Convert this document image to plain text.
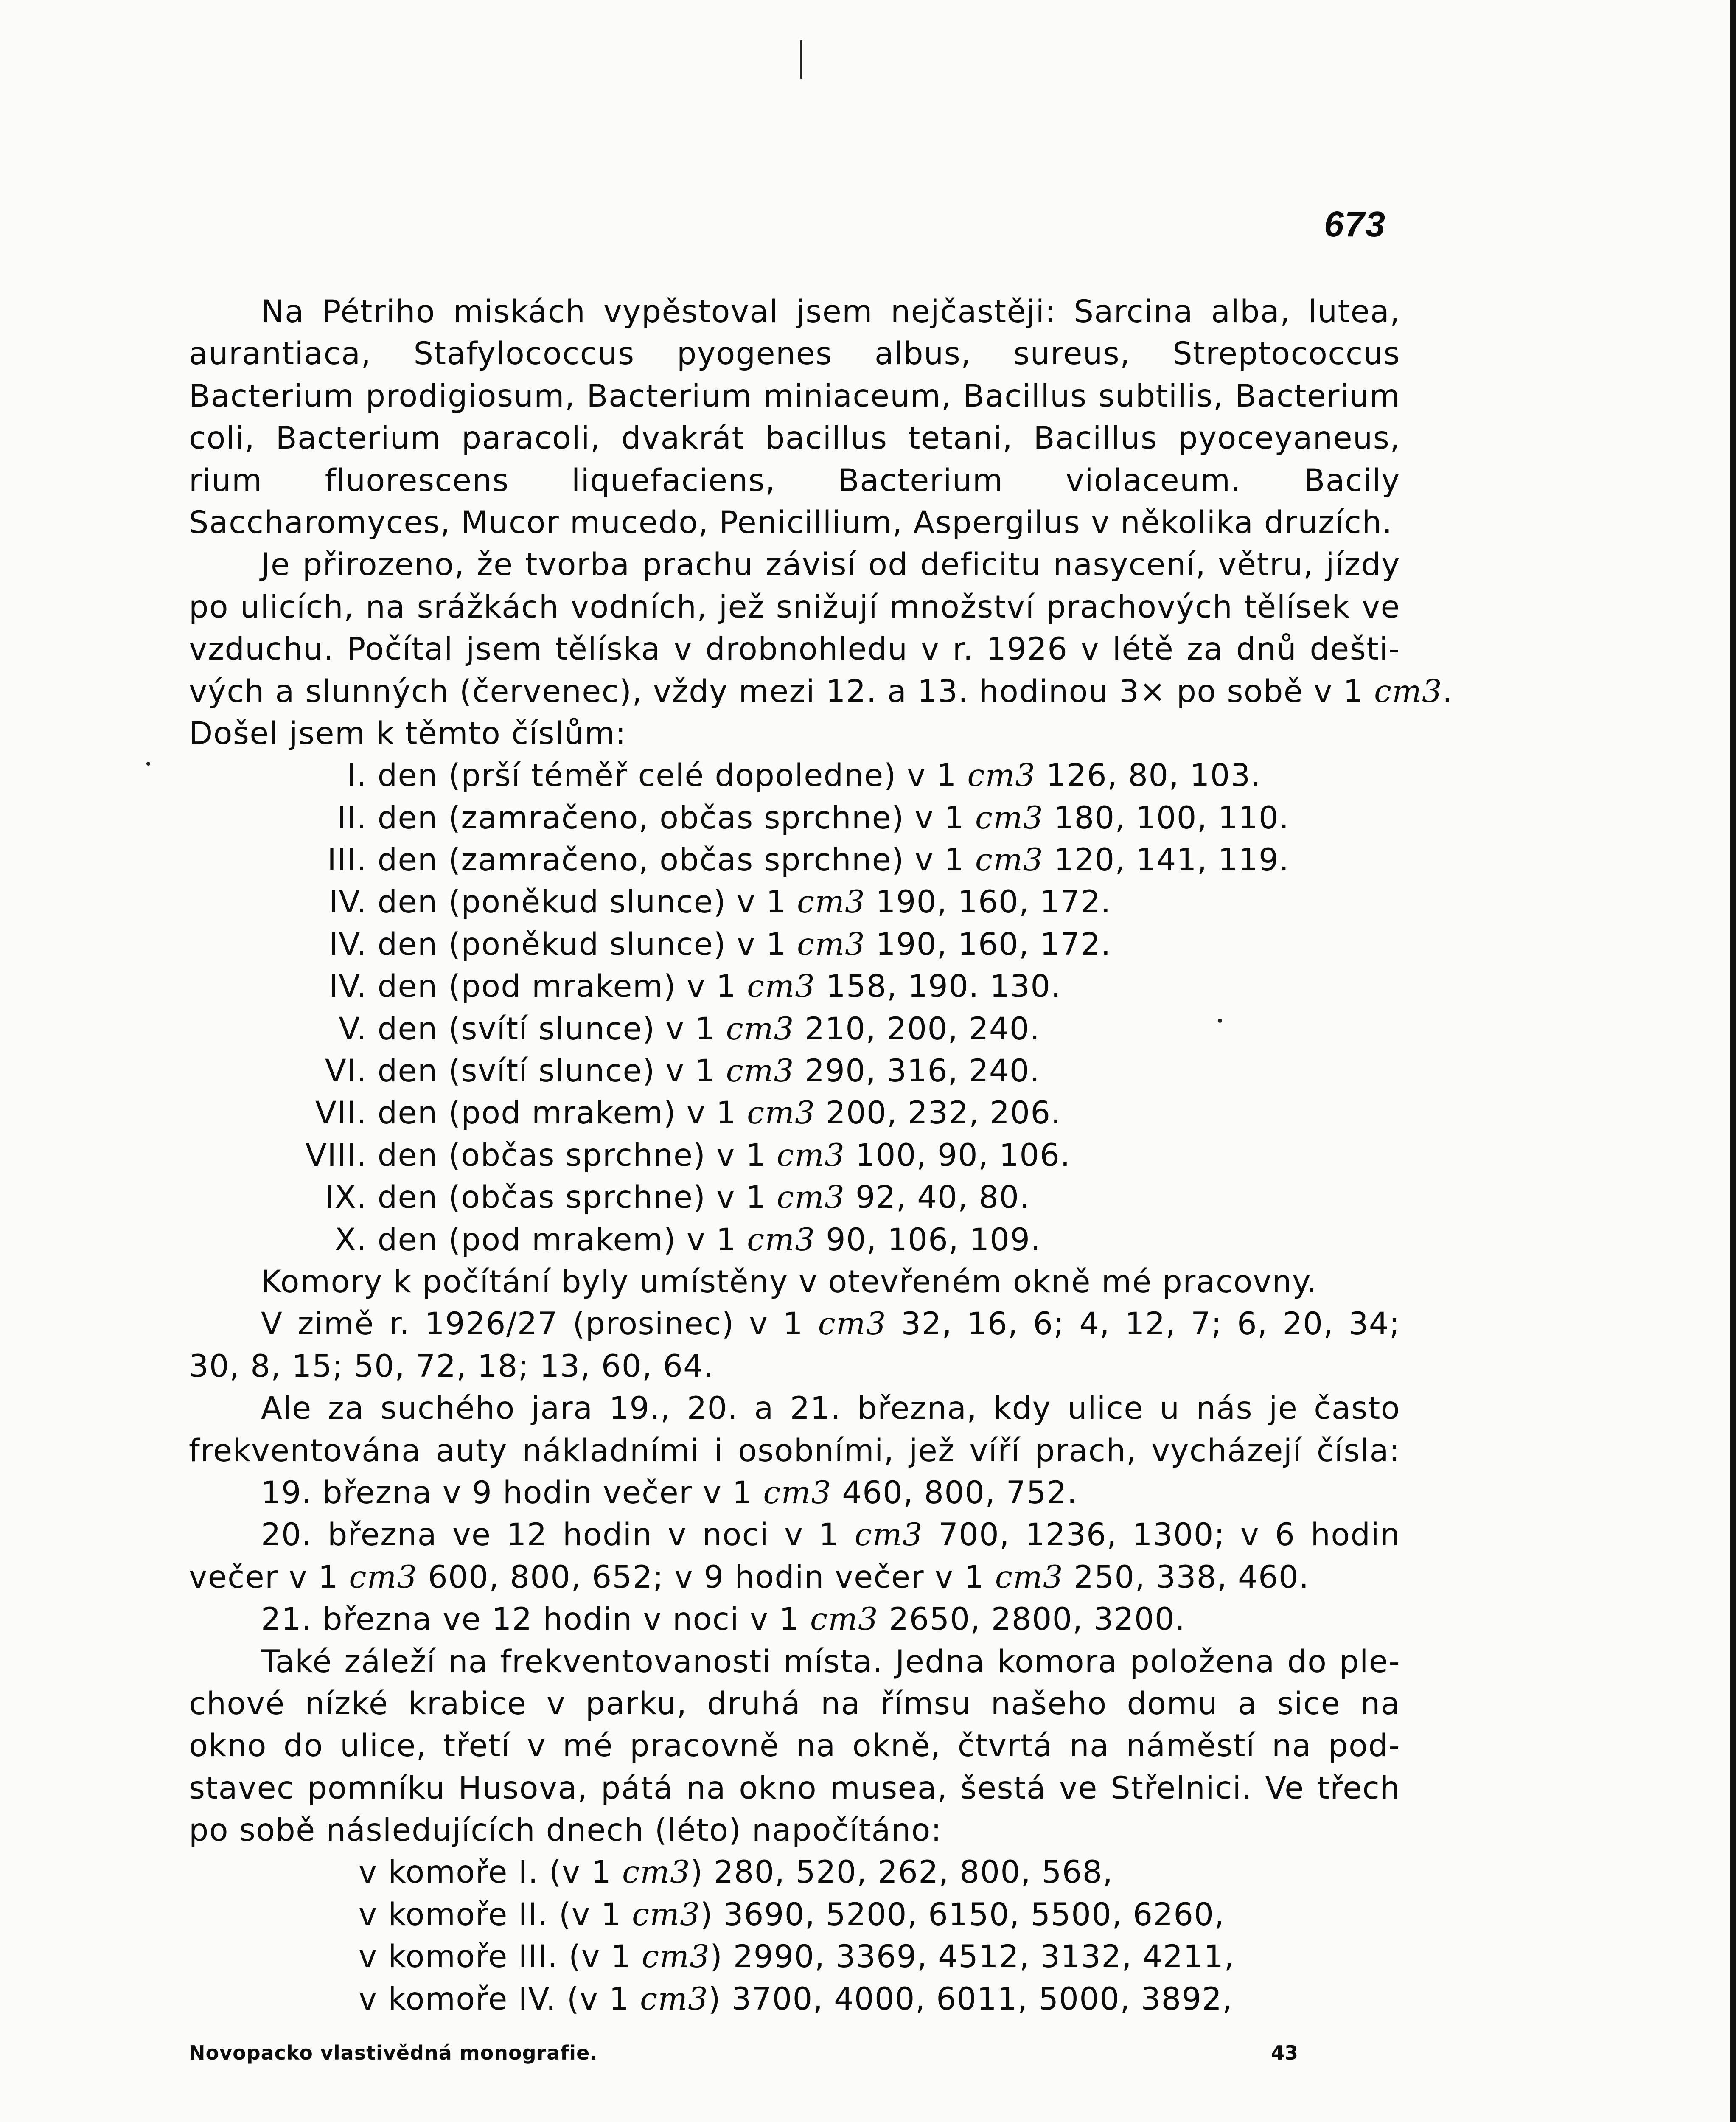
673
Na Pétriho miskách vypěstoval jsem nejčastěji: Sarcina alba, lutea,
aurantiaca, Stafylococcus pyogenes albus, sureus, Streptococcus
Bacterium prodigiosum, Bacterium miniaceum, Bacillus subtilis, Bacterium
coli, Bacterium paracoli, dvakrát bacillus tetani, Bacillus pyoceyaneus,
rium fluorescens liquefaciens, Bacterium violaceum. Bacily
Saccharomyces, Mucor mucedo, Penicillium, Aspergilus v několika druzích.
Je přirozeno, že tvorba prachu závisí od deficitu nasycení, větru, jízdy
po ulicích, na srážkách vodních, jež snižují množství prachových tělísek ve
vzduchu. Počítal jsem tělíska v drobnohledu v r. 1926 v létě za dnů dešti-
vých a slunných (červenec), vždy mezi 12. a 13. hodinou 3× po sobě v 1 cm3.
Došel jsem k těmto číslům:
I. den (prší téměř celé dopoledne) v 1 cm3 126, 80, 103.
II. den (zamračeno, občas sprchne) v 1 cm3 180, 100, 110.
III. den (zamračeno, občas sprchne) v 1 cm3 120, 141, 119.
IV. den (poněkud slunce) v 1 cm3 190, 160, 172.
IV. den (poněkud slunce) v 1 cm3 190, 160, 172.
IV. den (pod mrakem) v 1 cm3 158, 190. 130.
V. den (svítí slunce) v 1 cm3 210, 200, 240.
VI. den (svítí slunce) v 1 cm3 290, 316, 240.
VII. den (pod mrakem) v 1 cm3 200, 232, 206.
VIII. den (občas sprchne) v 1 cm3 100, 90, 106.
IX. den (občas sprchne) v 1 cm3 92, 40, 80.
X. den (pod mrakem) v 1 cm3 90, 106, 109.
Komory k počítání byly umístěny v otevřeném okně mé pracovny.
V zimě r. 1926/27 (prosinec) v 1 cm3 32, 16, 6; 4, 12, 7; 6, 20, 34;
30, 8, 15; 50, 72, 18; 13, 60, 64.
Ale za suchého jara 19., 20. a 21. března, kdy ulice u nás je často
frekventována auty nákladními i osobními, jež víří prach, vycházejí čísla:
19. března v 9 hodin večer v 1 cm3 460, 800, 752.
20. března ve 12 hodin v noci v 1 cm3 700, 1236, 1300; v 6 hodin
večer v 1 cm3 600, 800, 652; v 9 hodin večer v 1 cm3 250, 338, 460.
21. března ve 12 hodin v noci v 1 cm3 2650, 2800, 3200.
Také záleží na frekventovanosti místa. Jedna komora položena do ple-
chové nízké krabice v parku, druhá na římsu našeho domu a sice na
okno do ulice, třetí v mé pracovně na okně, čtvrtá na náměstí na pod-
stavec pomníku Husova, pátá na okno musea, šestá ve Střelnici. Ve třech
po sobě následujících dnech (léto) napočítáno:
v komoře I. (v 1 cm3) 280, 520, 262, 800, 568,
v komoře II. (v 1 cm3) 3690, 5200, 6150, 5500, 6260,
v komoře III. (v 1 cm3) 2990, 3369, 4512, 3132, 4211,
v komoře IV. (v 1 cm3) 3700, 4000, 6011, 5000, 3892,
Novopacko vlastivědná monografie.	43
